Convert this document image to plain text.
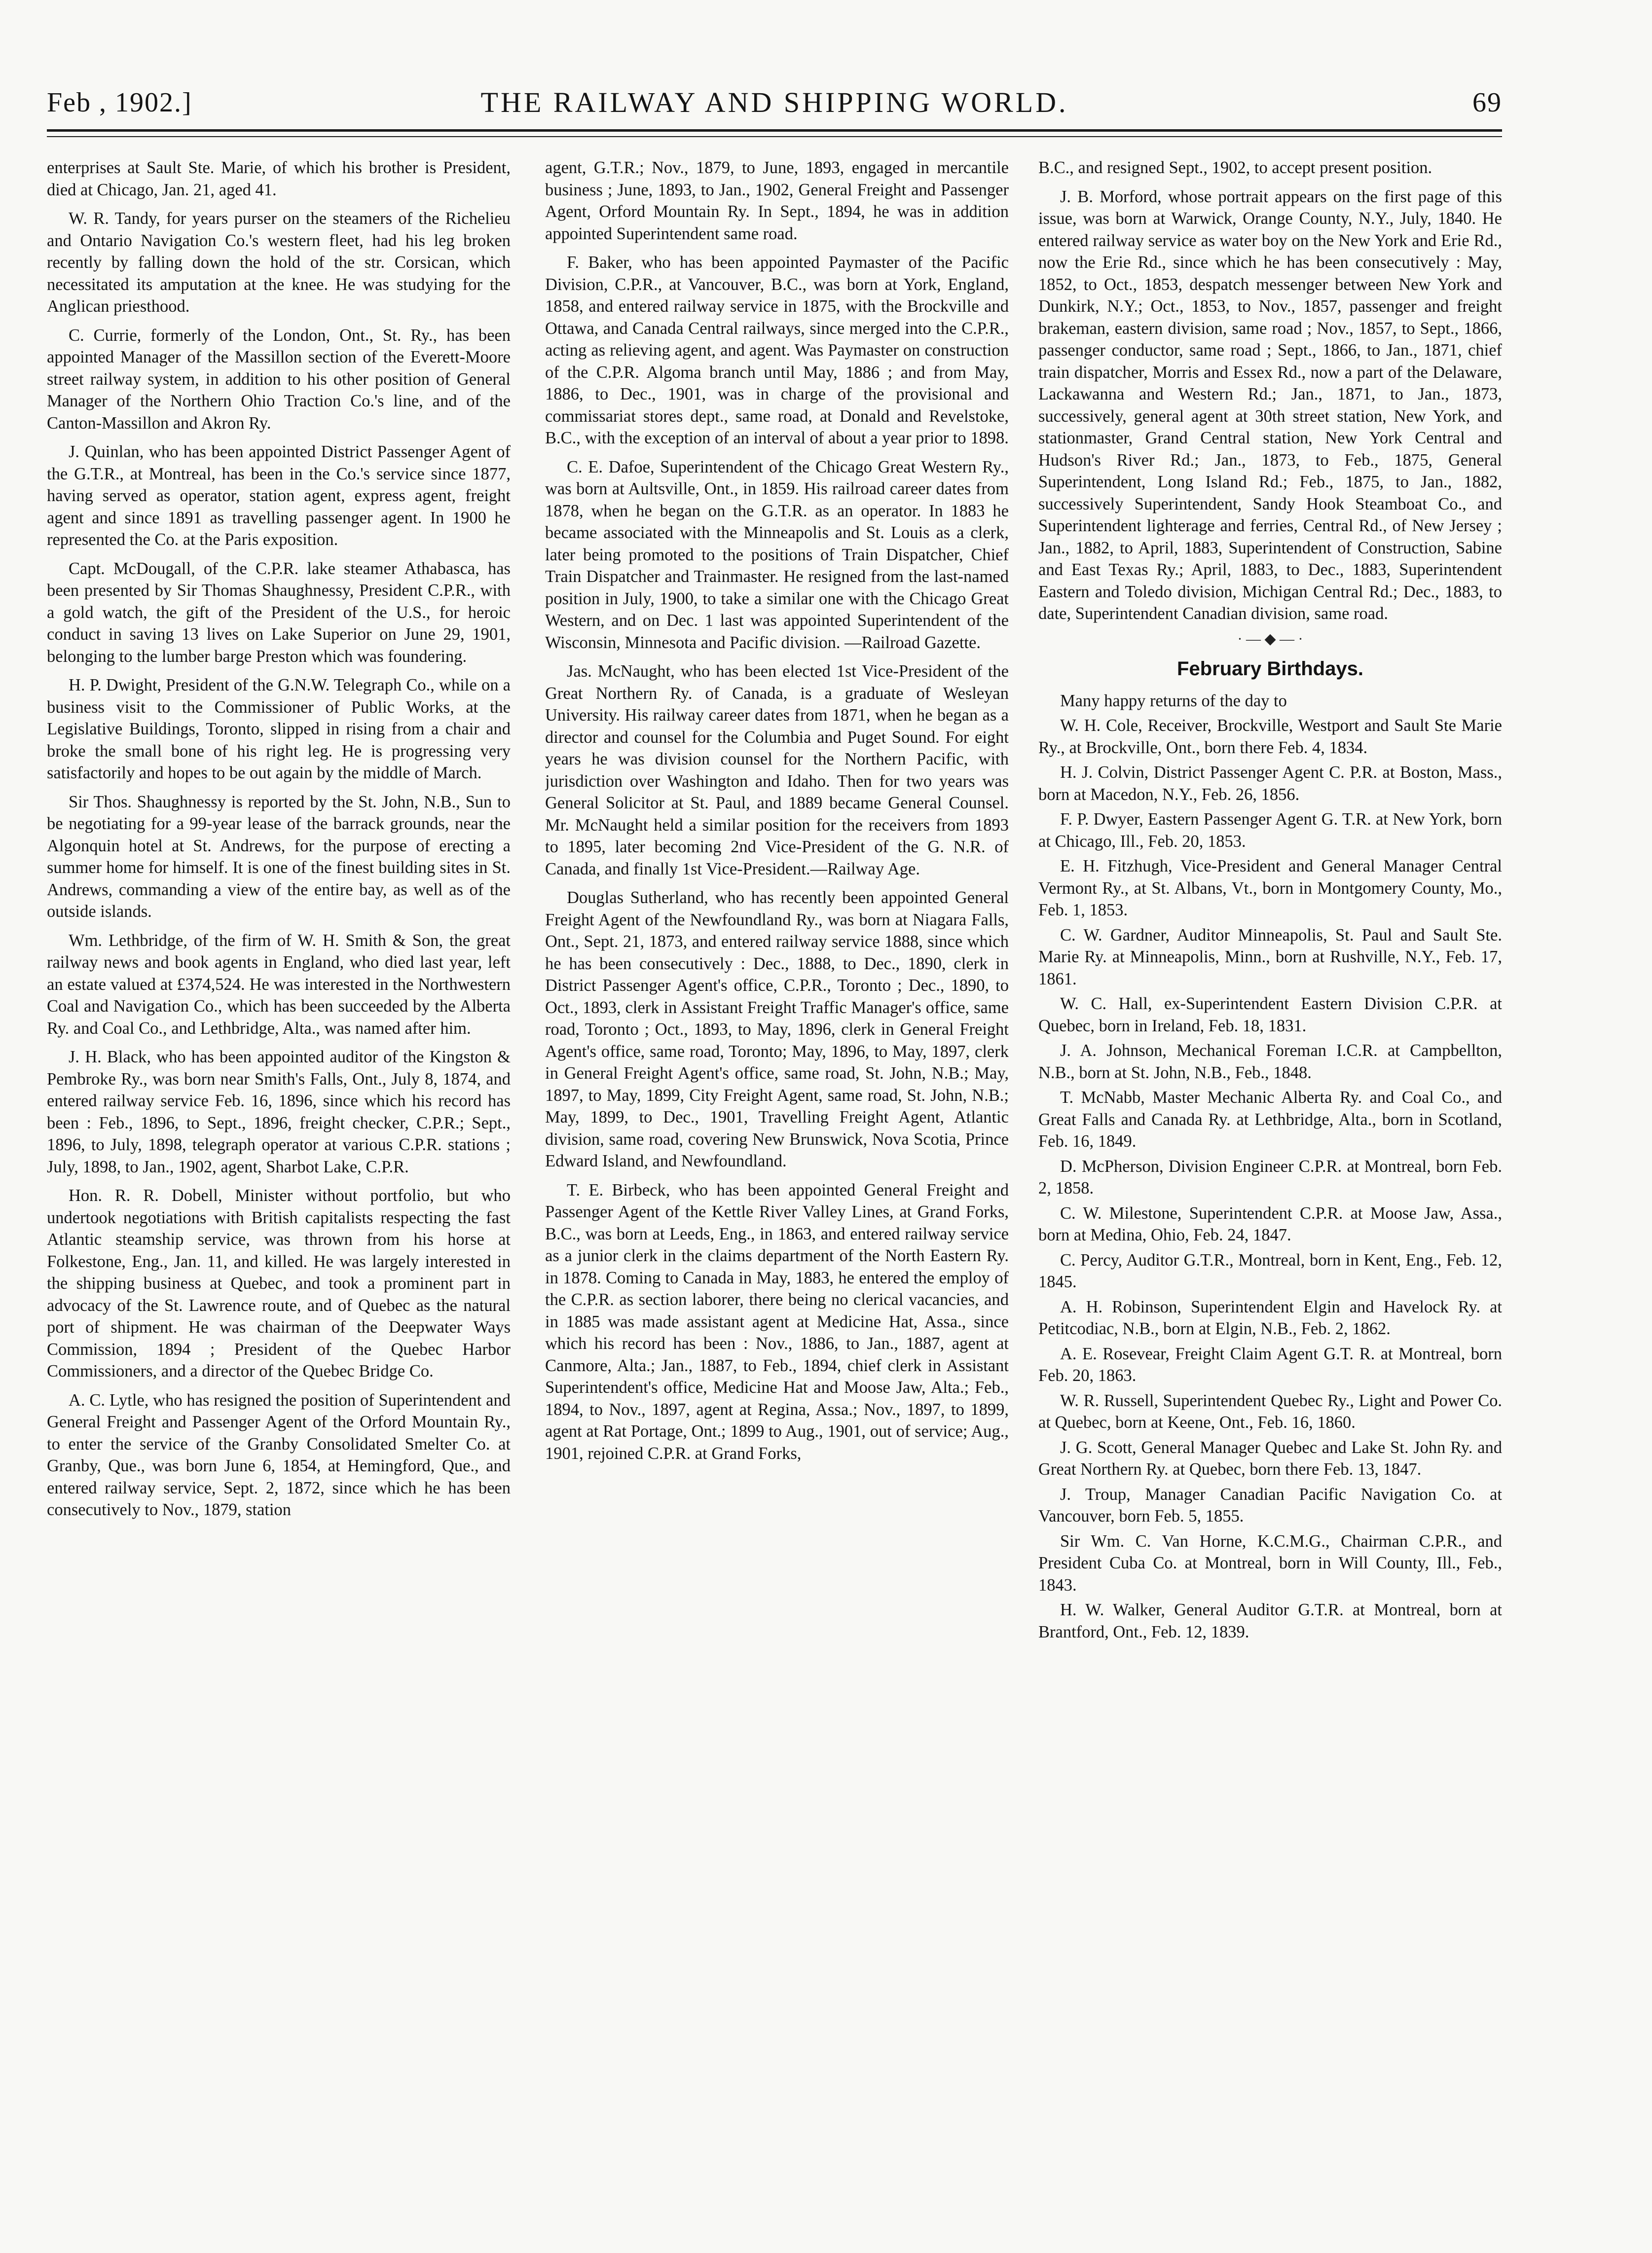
Feb , 1902.]	THE RAILWAY AND SHIPPING WORLD.	69

enterprises at Sault Ste. Marie, of which his brother is President, died at Chicago, Jan. 21, aged 41.

W. R. Tandy, for years purser on the steamers of the Richelieu and Ontario Navigation Co.'s western fleet, had his leg broken recently by falling down the hold of the str. Corsican, which necessitated its amputation at the knee. He was studying for the Anglican priesthood.

C. Currie, formerly of the London, Ont., St. Ry., has been appointed Manager of the Massillon section of the Everett-Moore street railway system, in addition to his other position of General Manager of the Northern Ohio Traction Co.'s line, and of the Canton-Massillon and Akron Ry.

J. Quinlan, who has been appointed District Passenger Agent of the G.T.R., at Montreal, has been in the Co.'s service since 1877, having served as operator, station agent, express agent, freight agent and since 1891 as travelling passenger agent. In 1900 he represented the Co. at the Paris exposition.

Capt. McDougall, of the C.P.R. lake steamer Athabasca, has been presented by Sir Thomas Shaughnessy, President C.P.R., with a gold watch, the gift of the President of the U.S., for heroic conduct in saving 13 lives on Lake Superior on June 29, 1901, belonging to the lumber barge Preston which was foundering.

H. P. Dwight, President of the G.N.W. Telegraph Co., while on a business visit to the Commissioner of Public Works, at the Legislative Buildings, Toronto, slipped in rising from a chair and broke the small bone of his right leg. He is progressing very satisfactorily and hopes to be out again by the middle of March.

Sir Thos. Shaughnessy is reported by the St. John, N.B., Sun to be negotiating for a 99-year lease of the barrack grounds, near the Algonquin hotel at St. Andrews, for the purpose of erecting a summer home for himself. It is one of the finest building sites in St. Andrews, commanding a view of the entire bay, as well as of the outside islands.

Wm. Lethbridge, of the firm of W. H. Smith & Son, the great railway news and book agents in England, who died last year, left an estate valued at £374,524. He was interested in the Northwestern Coal and Navigation Co., which has been succeeded by the Alberta Ry. and Coal Co., and Lethbridge, Alta., was named after him.

J. H. Black, who has been appointed auditor of the Kingston & Pembroke Ry., was born near Smith's Falls, Ont., July 8, 1874, and entered railway service Feb. 16, 1896, since which his record has been : Feb., 1896, to Sept., 1896, freight checker, C.P.R.; Sept., 1896, to July, 1898, telegraph operator at various C.P.R. stations ; July, 1898, to Jan., 1902, agent, Sharbot Lake, C.P.R.

Hon. R. R. Dobell, Minister without portfolio, but who undertook negotiations with British capitalists respecting the fast Atlantic steamship service, was thrown from his horse at Folkestone, Eng., Jan. 11, and killed. He was largely interested in the shipping business at Quebec, and took a prominent part in advocacy of the St. Lawrence route, and of Quebec as the natural port of shipment. He was chairman of the Deepwater Ways Commission, 1894 ; President of the Quebec Harbor Commissioners, and a director of the Quebec Bridge Co.

A. C. Lytle, who has resigned the position of Superintendent and General Freight and Passenger Agent of the Orford Mountain Ry., to enter the service of the Granby Consolidated Smelter Co. at Granby, Que., was born June 6, 1854, at Hemingford, Que., and entered railway service, Sept. 2, 1872, since which he has been consecutively to Nov., 1879, station

agent, G.T.R.; Nov., 1879, to June, 1893, engaged in mercantile business ; June, 1893, to Jan., 1902, General Freight and Passenger Agent, Orford Mountain Ry. In Sept., 1894, he was in addition appointed Superintendent same road.

F. Baker, who has been appointed Paymaster of the Pacific Division, C.P.R., at Vancouver, B.C., was born at York, England, 1858, and entered railway service in 1875, with the Brockville and Ottawa, and Canada Central railways, since merged into the C.P.R., acting as relieving agent, and agent. Was Paymaster on construction of the C.P.R. Algoma branch until May, 1886 ; and from May, 1886, to Dec., 1901, was in charge of the provisional and commissariat stores dept., same road, at Donald and Revelstoke, B.C., with the exception of an interval of about a year prior to 1898.

C. E. Dafoe, Superintendent of the Chicago Great Western Ry., was born at Aultsville, Ont., in 1859. His railroad career dates from 1878, when he began on the G.T.R. as an operator. In 1883 he became associated with the Minneapolis and St. Louis as a clerk, later being promoted to the positions of Train Dispatcher, Chief Train Dispatcher and Trainmaster. He resigned from the last-named position in July, 1900, to take a similar one with the Chicago Great Western, and on Dec. 1 last was appointed Superintendent of the Wisconsin, Minnesota and Pacific division. —Railroad Gazette.

Jas. McNaught, who has been elected 1st Vice-President of the Great Northern Ry. of Canada, is a graduate of Wesleyan University. His railway career dates from 1871, when he began as a director and counsel for the Columbia and Puget Sound. For eight years he was division counsel for the Northern Pacific, with jurisdiction over Washington and Idaho. Then for two years was General Solicitor at St. Paul, and 1889 became General Counsel. Mr. McNaught held a similar position for the receivers from 1893 to 1895, later becoming 2nd Vice-President of the G. N.R. of Canada, and finally 1st Vice-President.—Railway Age.

Douglas Sutherland, who has recently been appointed General Freight Agent of the Newfoundland Ry., was born at Niagara Falls, Ont., Sept. 21, 1873, and entered railway service 1888, since which he has been consecutively : Dec., 1888, to Dec., 1890, clerk in District Passenger Agent's office, C.P.R., Toronto ; Dec., 1890, to Oct., 1893, clerk in Assistant Freight Traffic Manager's office, same road, Toronto ; Oct., 1893, to May, 1896, clerk in General Freight Agent's office, same road, Toronto; May, 1896, to May, 1897, clerk in General Freight Agent's office, same road, St. John, N.B.; May, 1897, to May, 1899, City Freight Agent, same road, St. John, N.B.; May, 1899, to Dec., 1901, Travelling Freight Agent, Atlantic division, same road, covering New Brunswick, Nova Scotia, Prince Edward Island, and Newfoundland.

T. E. Birbeck, who has been appointed General Freight and Passenger Agent of the Kettle River Valley Lines, at Grand Forks, B.C., was born at Leeds, Eng., in 1863, and entered railway service as a junior clerk in the claims department of the North Eastern Ry. in 1878. Coming to Canada in May, 1883, he entered the employ of the C.P.R. as section laborer, there being no clerical vacancies, and in 1885 was made assistant agent at Medicine Hat, Assa., since which his record has been : Nov., 1886, to Jan., 1887, agent at Canmore, Alta.; Jan., 1887, to Feb., 1894, chief clerk in Assistant Superintendent's office, Medicine Hat and Moose Jaw, Alta.; Feb., 1894, to Nov., 1897, agent at Regina, Assa.; Nov., 1897, to 1899, agent at Rat Portage, Ont.; 1899 to Aug., 1901, out of service; Aug., 1901, rejoined C.P.R. at Grand Forks,

B.C., and resigned Sept., 1902, to accept present position.

J. B. Morford, whose portrait appears on the first page of this issue, was born at Warwick, Orange County, N.Y., July, 1840. He entered railway service as water boy on the New York and Erie Rd., now the Erie Rd., since which he has been consecutively : May, 1852, to Oct., 1853, despatch messenger between New York and Dunkirk, N.Y.; Oct., 1853, to Nov., 1857, passenger and freight brakeman, eastern division, same road ; Nov., 1857, to Sept., 1866, passenger conductor, same road ; Sept., 1866, to Jan., 1871, chief train dispatcher, Morris and Essex Rd., now a part of the Delaware, Lackawanna and Western Rd.; Jan., 1871, to Jan., 1873, successively, general agent at 30th street station, New York, and stationmaster, Grand Central station, New York Central and Hudson's River Rd.; Jan., 1873, to Feb., 1875, General Superintendent, Long Island Rd.; Feb., 1875, to Jan., 1882, successively Superintendent, Sandy Hook Steamboat Co., and Superintendent lighterage and ferries, Central Rd., of New Jersey ; Jan., 1882, to April, 1883, Superintendent of Construction, Sabine and East Texas Ry.; April, 1883, to Dec., 1883, Superintendent Eastern and Toledo division, Michigan Central Rd.; Dec., 1883, to date, Superintendent Canadian division, same road.

· — ◆ — ·
February Birthdays.

Many happy returns of the day to

W. H. Cole, Receiver, Brockville, Westport and Sault Ste Marie Ry., at Brockville, Ont., born there Feb. 4, 1834.

H. J. Colvin, District Passenger Agent C. P.R. at Boston, Mass., born at Macedon, N.Y., Feb. 26, 1856.

F. P. Dwyer, Eastern Passenger Agent G. T.R. at New York, born at Chicago, Ill., Feb. 20, 1853.

E. H. Fitzhugh, Vice-President and General Manager Central Vermont Ry., at St. Albans, Vt., born in Montgomery County, Mo., Feb. 1, 1853.

C. W. Gardner, Auditor Minneapolis, St. Paul and Sault Ste. Marie Ry. at Minneapolis, Minn., born at Rushville, N.Y., Feb. 17, 1861.

W. C. Hall, ex-Superintendent Eastern Division C.P.R. at Quebec, born in Ireland, Feb. 18, 1831.

J. A. Johnson, Mechanical Foreman I.C.R. at Campbellton, N.B., born at St. John, N.B., Feb., 1848.

T. McNabb, Master Mechanic Alberta Ry. and Coal Co., and Great Falls and Canada Ry. at Lethbridge, Alta., born in Scotland, Feb. 16, 1849.

D. McPherson, Division Engineer C.P.R. at Montreal, born Feb. 2, 1858.

C. W. Milestone, Superintendent C.P.R. at Moose Jaw, Assa., born at Medina, Ohio, Feb. 24, 1847.

C. Percy, Auditor G.T.R., Montreal, born in Kent, Eng., Feb. 12, 1845.

A. H. Robinson, Superintendent Elgin and Havelock Ry. at Petitcodiac, N.B., born at Elgin, N.B., Feb. 2, 1862.

A. E. Rosevear, Freight Claim Agent G.T. R. at Montreal, born Feb. 20, 1863.

W. R. Russell, Superintendent Quebec Ry., Light and Power Co. at Quebec, born at Keene, Ont., Feb. 16, 1860.

J. G. Scott, General Manager Quebec and Lake St. John Ry. and Great Northern Ry. at Quebec, born there Feb. 13, 1847.

J. Troup, Manager Canadian Pacific Navigation Co. at Vancouver, born Feb. 5, 1855.

Sir Wm. C. Van Horne, K.C.M.G., Chairman C.P.R., and President Cuba Co. at Montreal, born in Will County, Ill., Feb., 1843.

H. W. Walker, General Auditor G.T.R. at Montreal, born at Brantford, Ont., Feb. 12, 1839.
